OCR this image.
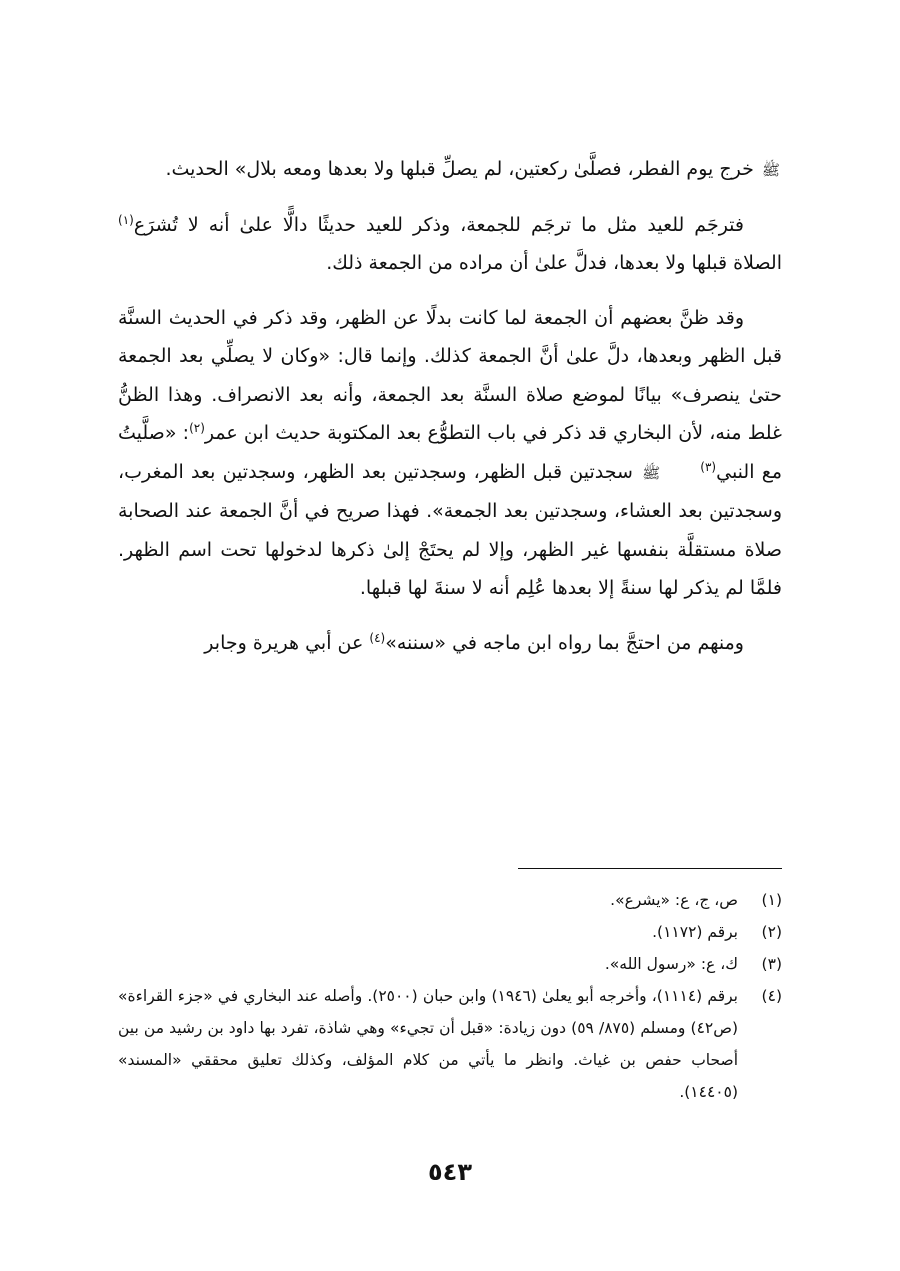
ﷺ خرج يوم الفطر، فصلَّىٰ ركعتين، لم يصلِّ قبلها ولا بعدها ومعه بلال» الحديث.

فترجَم للعيد مثل ما ترجَم للجمعة، وذكر للعيد حديثًا دالًّا علىٰ أنه لا تُشرَع$^{(١)}$ الصلاة قبلها ولا بعدها، فدلَّ علىٰ أن مراده من الجمعة ذلك.

وقد ظنَّ بعضهم أن الجمعة لما كانت بدلًا عن الظهر، وقد ذكر في الحديث السنَّة قبل الظهر وبعدها، دلَّ علىٰ أنَّ الجمعة كذلك. وإنما قال: «وكان لا يصلِّي بعد الجمعة حتىٰ ينصرف» بيانًا لموضع صلاة السنَّة بعد الجمعة، وأنه بعد الانصراف. وهذا الظنُّ غلط منه، لأن البخاري قد ذكر في باب التطوُّع بعد المكتوبة حديث ابن عمر$^{(٢)}$: «صلَّيتُ مع النبي$^{(٣)}$ﷺ سجدتين قبل الظهر، وسجدتين بعد الظهر، وسجدتين بعد المغرب، وسجدتين بعد العشاء، وسجدتين بعد الجمعة». فهذا صريح في أنَّ الجمعة عند الصحابة صلاة مستقلَّة بنفسها غير الظهر، وإلا لم يحتَجْ إلىٰ ذكرها لدخولها تحت اسم الظهر. فلمَّا لم يذكر لها سنةً إلا بعدها عُلِم أنه لا سنةَ لها قبلها.

ومنهم من احتجَّ بما رواه ابن ماجه في «سننه»$^{(٤)}$ عن أبي هريرة وجابر

(١)
ص، ج، ع: «يشرع».
(٢)
برقم (١١٧٢).
(٣)
ك، ع: «رسول الله».
(٤)
برقم (١١١٤)، وأخرجه أبو يعلىٰ (١٩٤٦) وابن حبان (٢٥٠٠). وأصله عند البخاري في «جزء القراءة» (ص٤٢) ومسلم (٨٧٥/ ٥٩) دون زيادة: «قبل أن تجيء» وهي شاذة، تفرد بها داود بن رشيد من بين أصحاب حفص بن غياث. وانظر ما يأتي من كلام المؤلف، وكذلك تعليق محققي «المسند» (١٤٤٠٥).
٥٤٣
